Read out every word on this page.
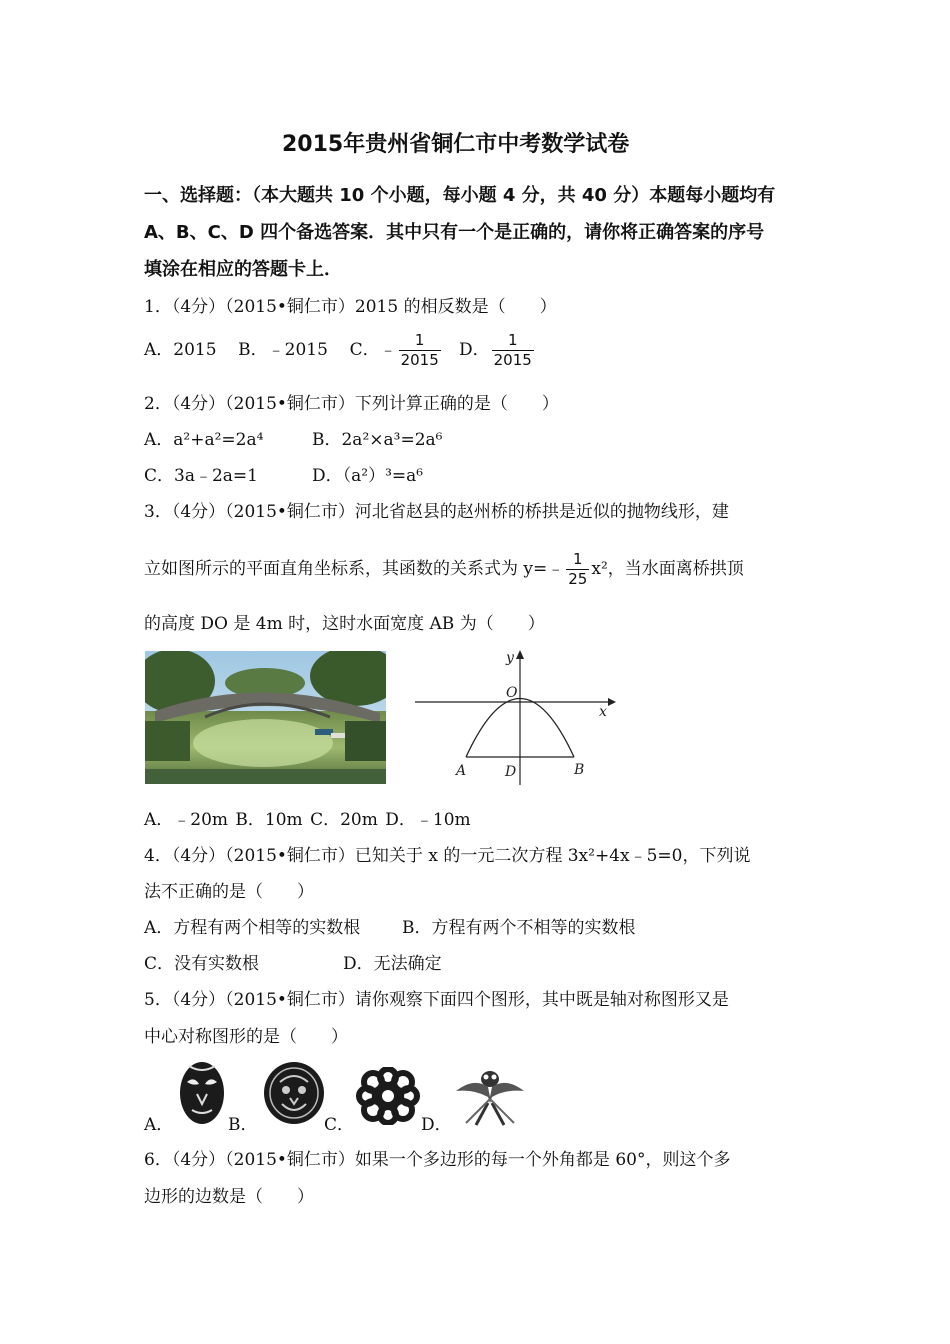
2015年贵州省铜仁市中考数学试卷
一、选择题：（本大题共 10 个小题，每小题 4 分，共 40 分）本题每小题均有
A、B、C、D 四个备选答案．其中只有一个是正确的，请你将正确答案的序号
填涂在相应的答题卡上．
1．（4分）（2015•铜仁市）2015 的相反数是（　　）
A．2015 B．﹣2015 C．﹣ $\frac{1}{2015}$ D． $\frac{1}{2015}$
2．（4分）（2015•铜仁市）下列计算正确的是（　　）
A．a²+a²=2a⁴	B．2a²×a³=2a⁶
C．3a﹣2a=1	D．（a²）³=a⁶
3．（4分）（2015•铜仁市）河北省赵县的赵州桥的桥拱是近似的抛物线形，建
立如图所示的平面直角坐标系，其函数的关系式为 y=﹣ $\frac{1}{25} x^2$，当水面离桥拱顶
的高度 DO 是 4m 时，这时水面宽度 AB 为（　　）
y
x
O
A	D	B
A．﹣20m B．10m C．20m D．﹣10m
4．（4分）（2015•铜仁市）已知关于 x 的一元二次方程 3x²+4x﹣5=0，下列说
法不正确的是（　　）
A．方程有两个相等的实数根 B．方程有两个不相等的实数根
C．没有实数根	D．无法确定
5．（4分）（2015•铜仁市）请你观察下面四个图形，其中既是轴对称图形又是
中心对称图形的是（　　）
A．	B．	C．	D．
6．（4分）（2015•铜仁市）如果一个多边形的每一个外角都是 60°，则这个多
边形的边数是（　　）
